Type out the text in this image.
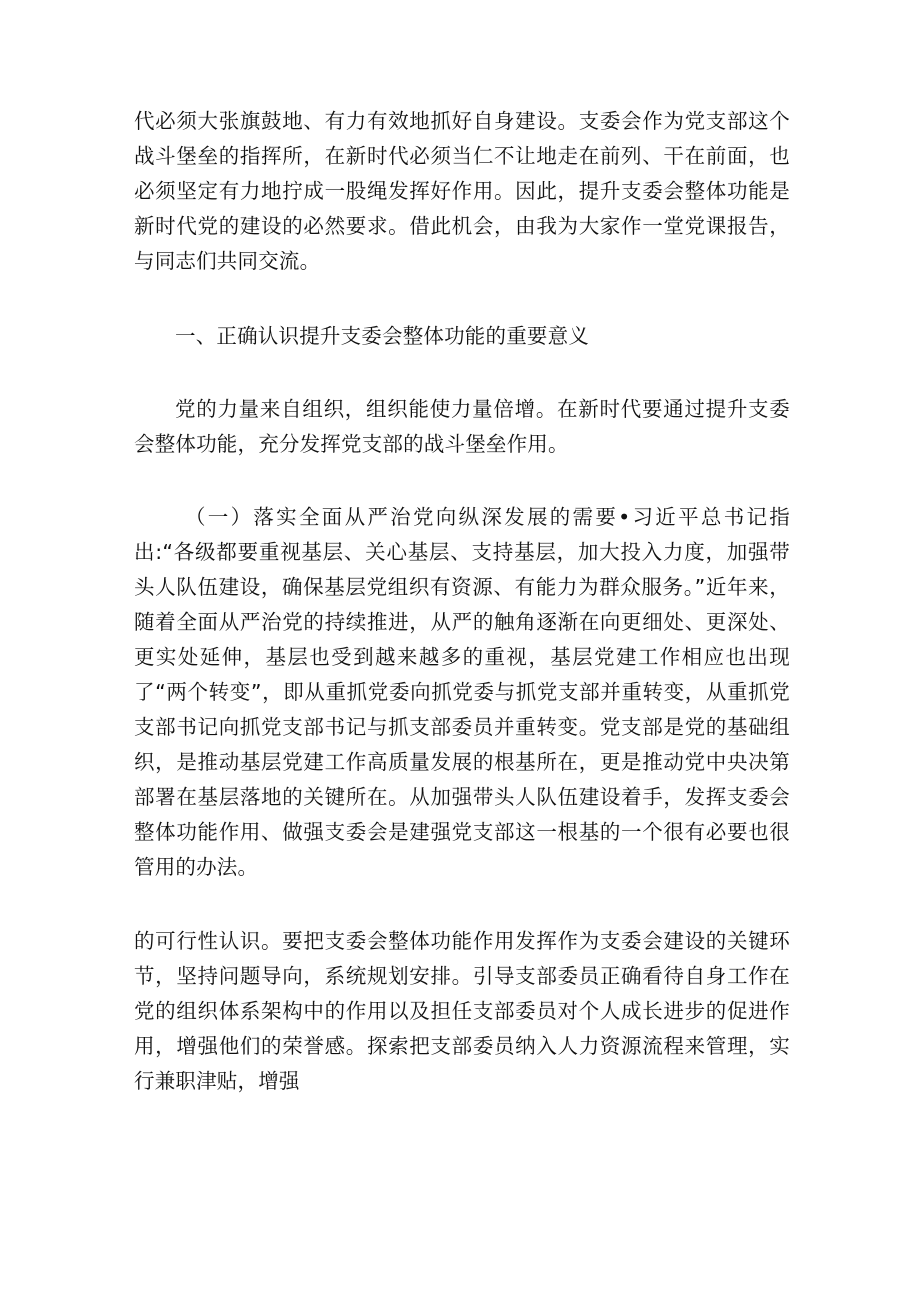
代必须大张旗鼓地、有力有效地抓好自身建设。支委会作为党支部这个战斗堡垒的指挥所，在新时代必须当仁不让地走在前列、干在前面，也必须坚定有力地拧成一股绳发挥好作用。因此，提升支委会整体功能是新时代党的建设的必然要求。借此机会，由我为大家作一堂党课报告，与同志们共同交流。

一、正确认识提升支委会整体功能的重要意义

党的力量来自组织，组织能使力量倍增。在新时代要通过提升支委会整体功能，充分发挥党支部的战斗堡垒作用。

（一）落实全面从严治党向纵深发展的需要•习近平总书记指出:“各级都要重视基层、关心基层、支持基层，加大投入力度，加强带头人队伍建设，确保基层党组织有资源、有能力为群众服务。”近年来，随着全面从严治党的持续推进，从严的触角逐渐在向更细处、更深处、更实处延伸，基层也受到越来越多的重视，基层党建工作相应也出现了“两个转变”，即从重抓党委向抓党委与抓党支部并重转变，从重抓党支部书记向抓党支部书记与抓支部委员并重转变。党支部是党的基础组织，是推动基层党建工作高质量发展的根基所在，更是推动党中央决第部署在基层落地的关键所在。从加强带头人队伍建设着手，发挥支委会整体功能作用、做强支委会是建强党支部这一根基的一个很有必要也很管用的办法。

的可行性认识。要把支委会整体功能作用发挥作为支委会建设的关键环节，坚持问题导向，系统规划安排。引导支部委员正确看待自身工作在党的组织体系架构中的作用以及担任支部委员对个人成长进步的促进作用，增强他们的荣誉感。探索把支部委员纳入人力资源流程来管理，实行兼职津贴，增强
